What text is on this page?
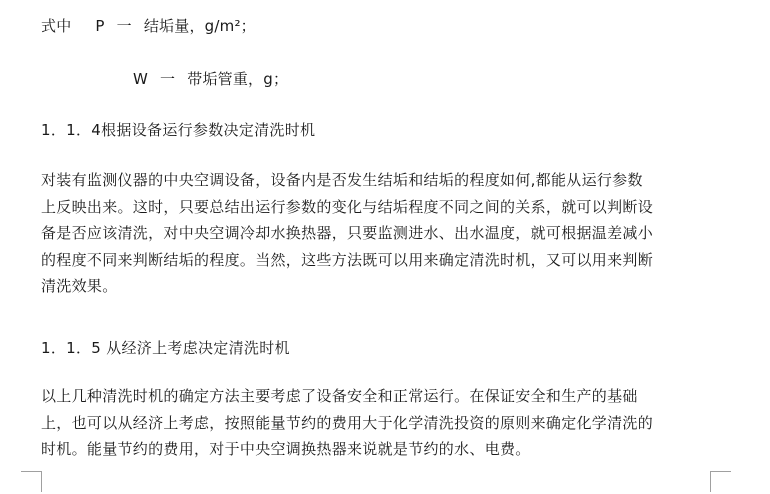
式中 P 一 结垢量，g/m²；
W 一 带垢管重，g；
1．1．4根据设备运行参数决定清洗时机
对装有监测仪器的中央空调设备，设备内是否发生结垢和结垢的程度如何,都能从运行参数
上反映出来。这时，只要总结出运行参数的变化与结垢程度不同之间的关系，就可以判断设
备是否应该清洗，对中央空调冷却水换热器，只要监测进水、出水温度，就可根据温差减小
的程度不同来判断结垢的程度。当然，这些方法既可以用来确定清洗时机，又可以用来判断
清洗效果。
1．1．5 从经济上考虑决定清洗时机
以上几种清洗时机的确定方法主要考虑了设备安全和正常运行。在保证安全和生产的基础
上，也可以从经济上考虑，按照能量节约的费用大于化学清洗投资的原则来确定化学清洗的
时机。能量节约的费用，对于中央空调换热器来说就是节约的水、电费。
